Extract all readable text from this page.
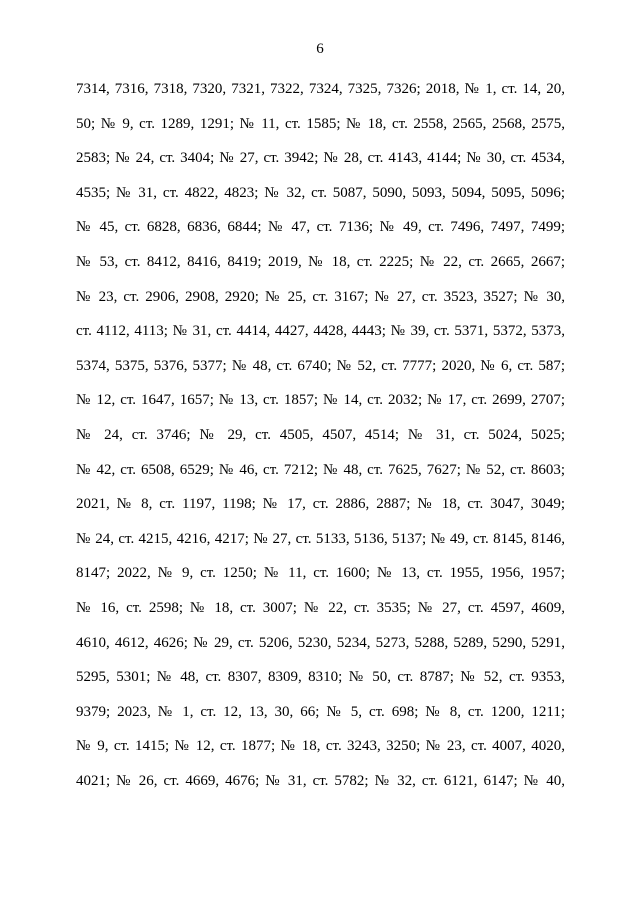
6
7314, 7316, 7318, 7320, 7321, 7322, 7324, 7325, 7326; 2018, № 1, ст. 14, 20,
50; № 9, ст. 1289, 1291; № 11, ст. 1585; № 18, ст. 2558, 2565, 2568, 2575,
2583; № 24, ст. 3404; № 27, ст. 3942; № 28, ст. 4143, 4144; № 30, ст. 4534,
4535; № 31, ст. 4822, 4823; № 32, ст. 5087, 5090, 5093, 5094, 5095, 5096;
№ 45, ст. 6828, 6836, 6844; № 47, ст. 7136; № 49, ст. 7496, 7497, 7499;
№ 53, ст. 8412, 8416, 8419; 2019, № 18, ст. 2225; № 22, ст. 2665, 2667;
№ 23, ст. 2906, 2908, 2920; № 25, ст. 3167; № 27, ст. 3523, 3527; № 30,
ст. 4112, 4113; № 31, ст. 4414, 4427, 4428, 4443; № 39, ст. 5371, 5372, 5373,
5374, 5375, 5376, 5377; № 48, ст. 6740; № 52, ст. 7777; 2020, № 6, ст. 587;
№ 12, ст. 1647, 1657; № 13, ст. 1857; № 14, ст. 2032; № 17, ст. 2699, 2707;
№ 24, ст. 3746; № 29, ст. 4505, 4507, 4514; № 31, ст. 5024, 5025;
№ 42, ст. 6508, 6529; № 46, ст. 7212; № 48, ст. 7625, 7627; № 52, ст. 8603;
2021, № 8, ст. 1197, 1198; № 17, ст. 2886, 2887; № 18, ст. 3047, 3049;
№ 24, ст. 4215, 4216, 4217; № 27, ст. 5133, 5136, 5137; № 49, ст. 8145, 8146,
8147; 2022, № 9, ст. 1250; № 11, ст. 1600; № 13, ст. 1955, 1956, 1957;
№ 16, ст. 2598; № 18, ст. 3007; № 22, ст. 3535; № 27, ст. 4597, 4609,
4610, 4612, 4626; № 29, ст. 5206, 5230, 5234, 5273, 5288, 5289, 5290, 5291,
5295, 5301; № 48, ст. 8307, 8309, 8310; № 50, ст. 8787; № 52, ст. 9353,
9379; 2023, № 1, ст. 12, 13, 30, 66; № 5, ст. 698; № 8, ст. 1200, 1211;
№ 9, ст. 1415; № 12, ст. 1877; № 18, ст. 3243, 3250; № 23, ст. 4007, 4020,
4021; № 26, ст. 4669, 4676; № 31, ст. 5782; № 32, ст. 6121, 6147; № 40,
